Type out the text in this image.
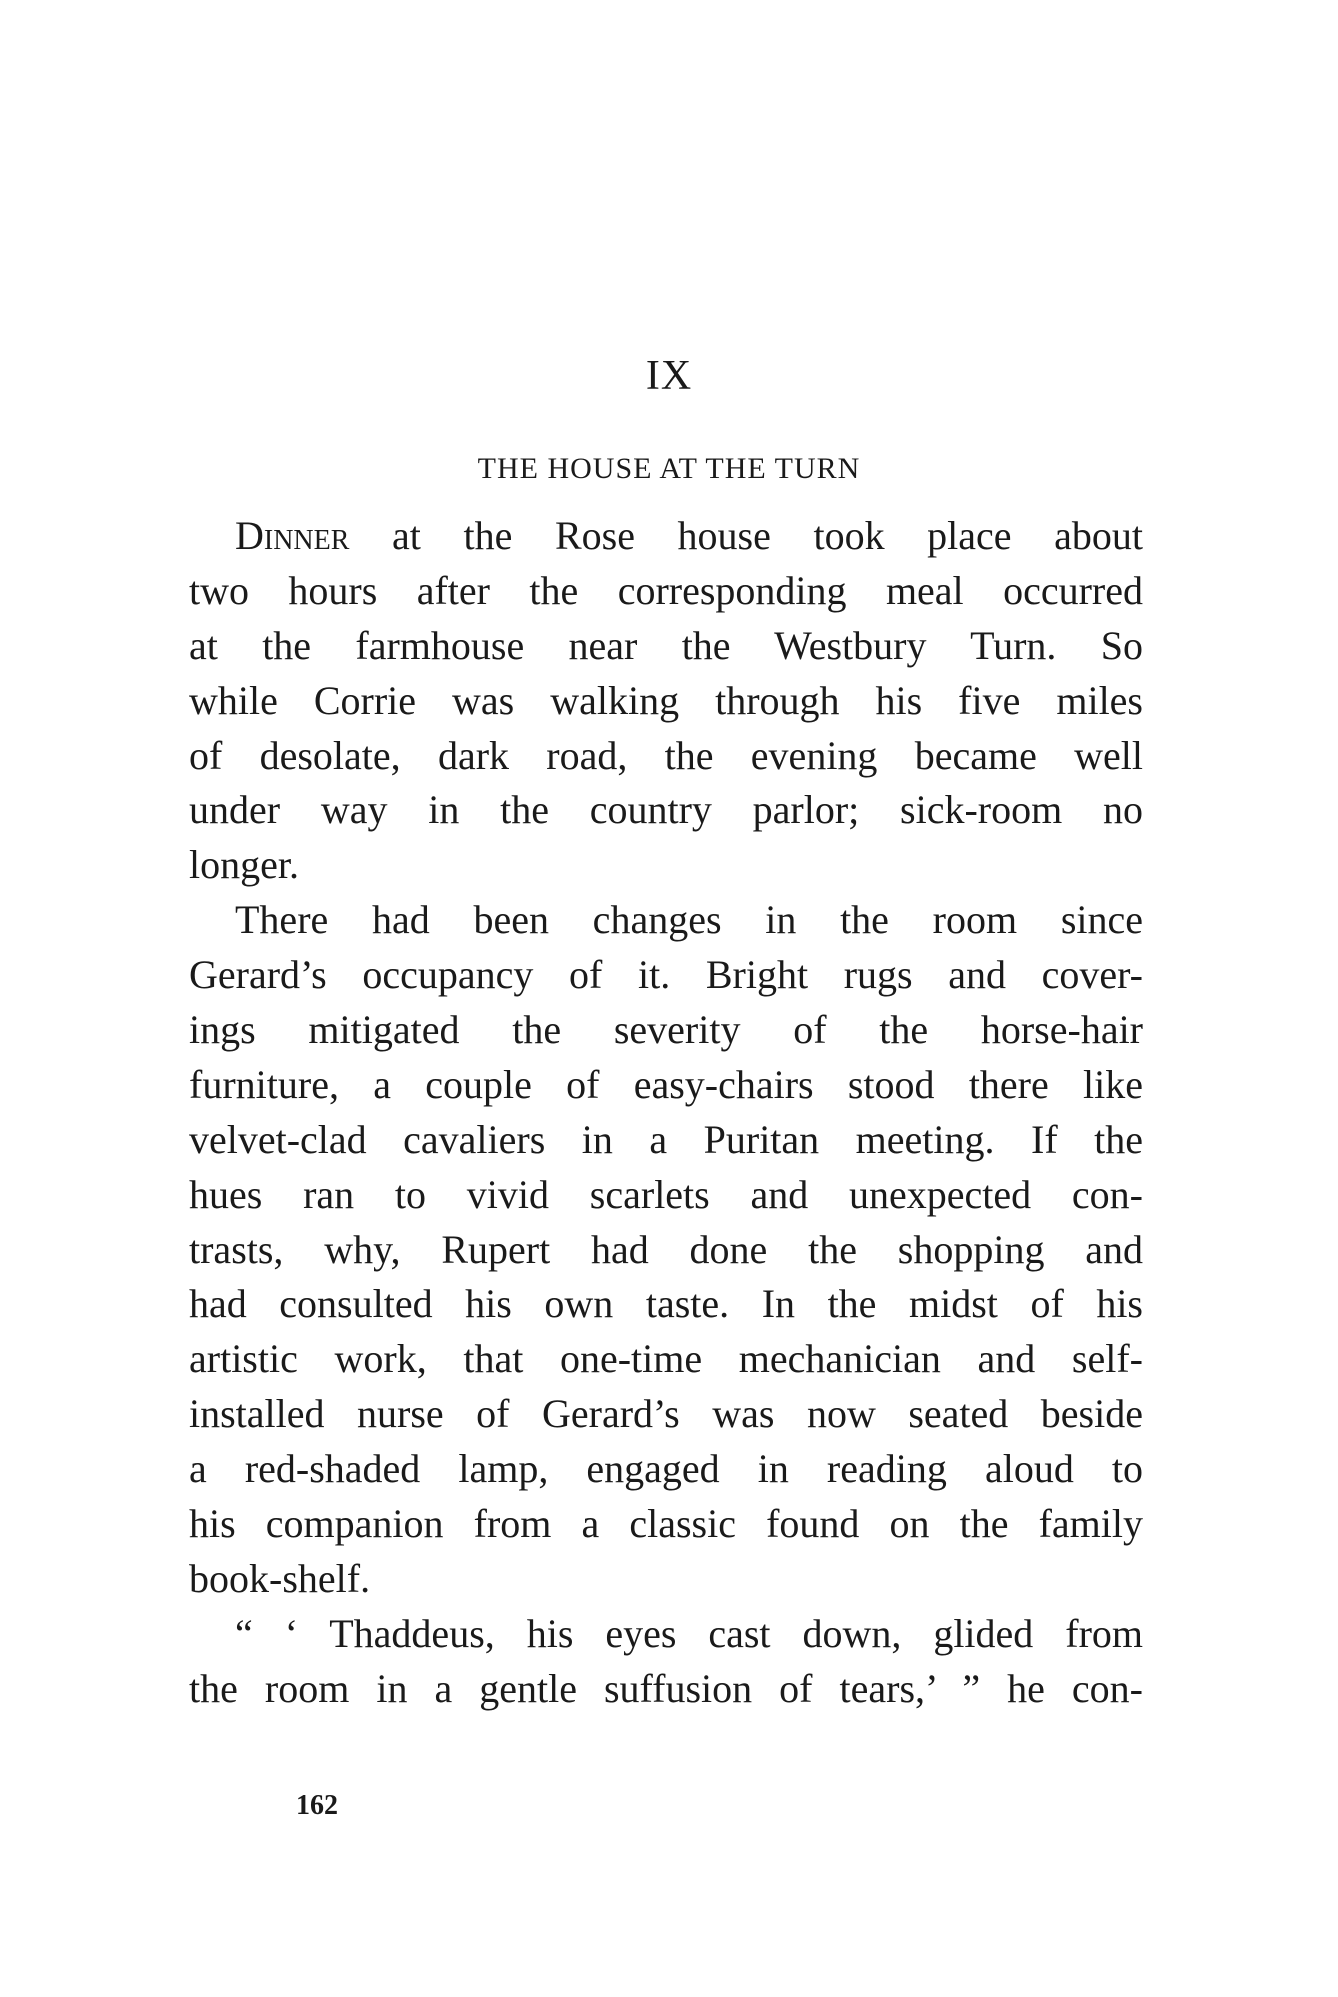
IX
THE HOUSE AT THE TURN
Dinner at the Rose house took place about
two hours after the corresponding meal occurred
at the farmhouse near the Westbury Turn. So
while Corrie was walking through his five miles
of desolate, dark road, the evening became well
under way in the country parlor; sick-room no
longer.
There had been changes in the room since
Gerard’s occupancy of it. Bright rugs and cover-
ings mitigated the severity of the horse-hair
furniture, a couple of easy-chairs stood there like
velvet-clad cavaliers in a Puritan meeting. If the
hues ran to vivid scarlets and unexpected con-
trasts, why, Rupert had done the shopping and
had consulted his own taste. In the midst of his
artistic work, that one-time mechanician and self-
installed nurse of Gerard’s was now seated beside
a red-shaded lamp, engaged in reading aloud to
his companion from a classic found on the family
book-shelf.
“ ‘ Thaddeus, his eyes cast down, glided from
the room in a gentle suffusion of tears,’ ” he con-
162
